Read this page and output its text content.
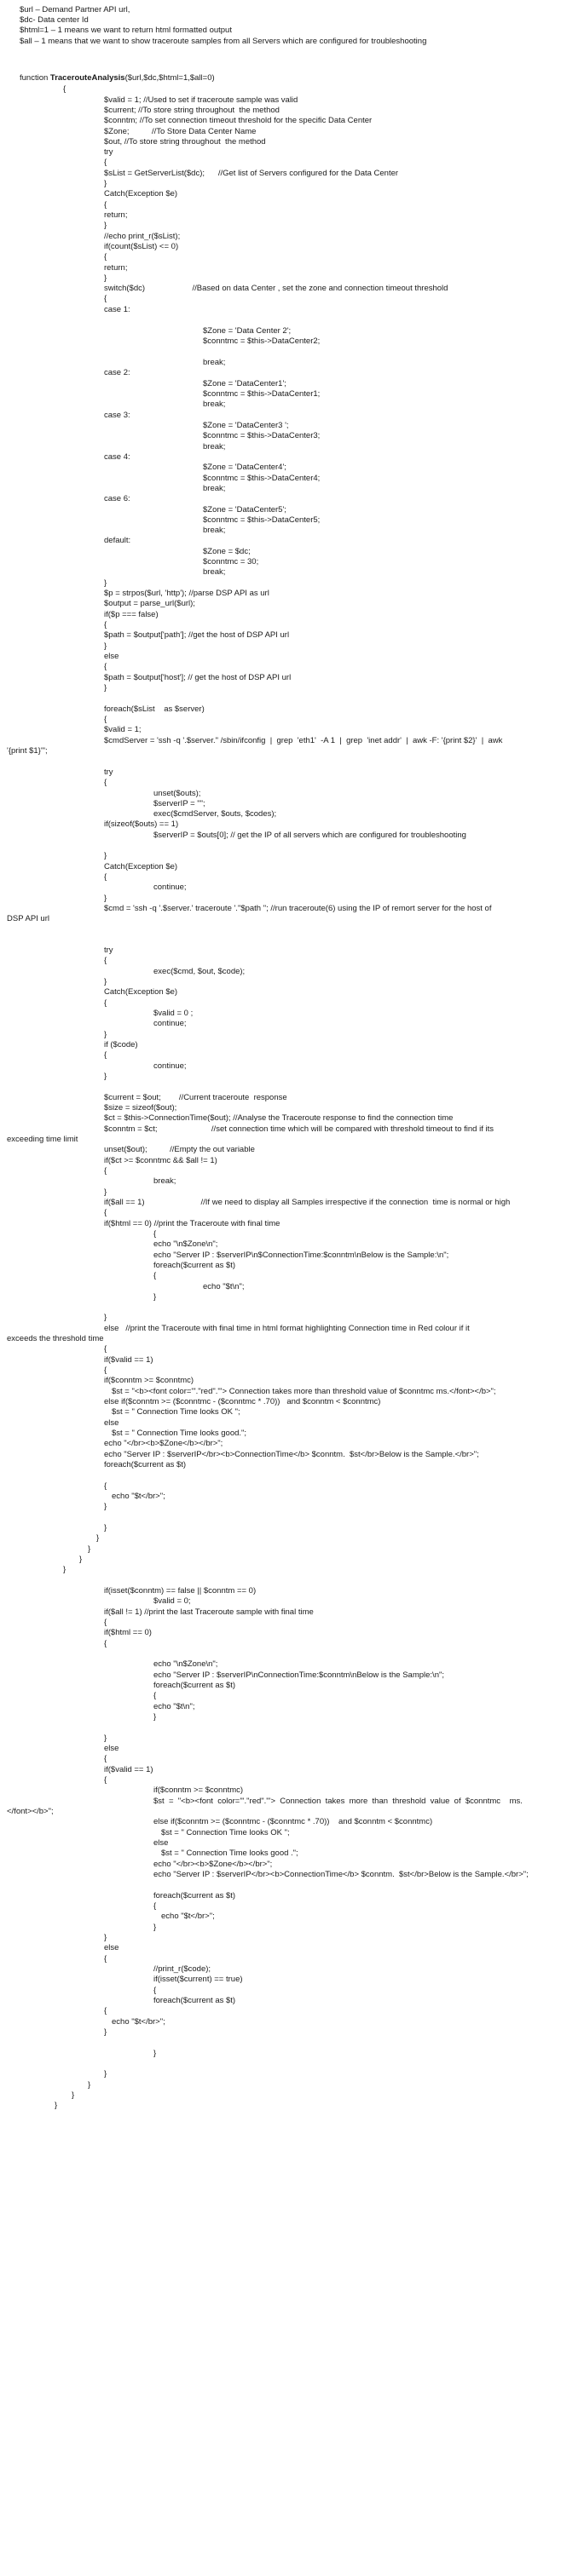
$url – Demand Partner API url,
$dc- Data center Id
$html=1 – 1 means we want to return html formatted output
$all – 1 means that we want to show traceroute samples from all Servers which are configured for troubleshooting
function TracerouteAnalysis($url,$dc,$html=1,$all=0)
{
$valid = 1; //Used to set if traceroute sample was valid
$current; //To store string throughout  the method
$conntm; //To set connection timeout threshold for the specific Data Center
$Zone;          //To Store Data Center Name
$out, //To store string throughout  the method
try
{
$sList = GetServerList($dc);      //Get list of Servers configured for the Data Center
}
Catch(Exception $e)
{
return;
}
//echo print_r($sList);
if(count($sList) <= 0)
{
return;
}
switch($dc)                     //Based on data Center , set the zone and connection timeout threshold
{
case 1:
$Zone = 'Data Center 2';
$conntmc = $this->DataCenter2;
break;
case 2:
$Zone = 'DataCenter1';
$conntmc = $this->DataCenter1;
break;
case 3:
$Zone = 'DataCenter3 ';
$conntmc = $this->DataCenter3;
break;
case 4:
$Zone = 'DataCenter4';
$conntmc = $this->DataCenter4;
break;
case 6:
$Zone = 'DataCenter5';
$conntmc = $this->DataCenter5;
break;
default:
$Zone = $dc;
$conntmc = 30;
break;
}
$p = strpos($url, 'http'); //parse DSP API as url
$output = parse_url($url);
if($p === false)
{
$path = $output['path']; //get the host of DSP API url
}
else
{
$path = $output['host']; // get the host of DSP API url
}
foreach($sList    as $server)
{
$valid = 1;
$cmdServer = 'ssh -q '.$server." /sbin/ifconfig  |  grep  'eth1'  -A 1  |  grep  'inet addr'  |  awk -F: '{print $2}'  |  awk
'{print $1}'";
try
{
unset($outs);
$serverIP = "";
exec($cmdServer, $outs, $codes);
if(sizeof($outs) == 1)
$serverIP = $outs[0]; // get the IP of all servers which are configured for troubleshooting
}
Catch(Exception $e)
{
continue;
}
$cmd = 'ssh -q '.$server.' traceroute '."$path "; //run traceroute(6) using the IP of remort server for the host of
DSP API url
try
{
exec($cmd, $out, $code);
}
Catch(Exception $e)
{
$valid = 0 ;
continue;
}
if ($code)
{
continue;
}
$current = $out;        //Current traceroute  response
$size = sizeof($out);
$ct = $this->ConnectionTime($out); //Analyse the Traceroute response to find the connection time
$conntm = $ct;                        //set connection time which will be compared with threshold timeout to find if its
exceeding time limit
unset($out);          //Empty the out variable
if($ct >= $conntmc && $all != 1)
{
break;
}
if($all == 1)                         //If we need to display all Samples irrespective if the connection  time is normal or high
{
if($html == 0) //print the Traceroute with final time
{
echo "\n$Zone\n";
echo "Server IP : $serverIP\n$ConnectionTime:$conntm\nBelow is the Sample:\n";
foreach($current as $t)
{
echo "$t\n";
}
}
else   //print the Traceroute with final time in html format highlighting Connection time in Red colour if it
exceeds the threshold time
{
if($valid == 1)
{
if($conntm >= $conntmc)
$st = "<b><font color='"."red"."'> Connection takes more than threshold value of $conntmc ms.</font></b>";
else if($conntm >= ($conntmc - ($conntmc * .70))   and $conntm < $conntmc)
$st = " Connection Time looks OK ";
else
$st = " Connection Time looks good.";
echo "</br><b>$Zone</b></br>";
echo "Server IP : $serverIP</br><b>ConnectionTime</b> $conntm.  $st</br>Below is the Sample.</br>";
foreach($current as $t)
{
echo "$t</br>";
}
}
}
}
}
}
if(isset($conntm) == false || $conntm == 0)
$valid = 0;
if($all != 1) //print the last Traceroute sample with final time
{
if($html == 0)
{
echo "\n$Zone\n";
echo "Server IP : $serverIP\nConnectionTime:$conntm\nBelow is the Sample:\n";
foreach($current as $t)
{
echo "$t\n";
}
}
else
{
if($valid == 1)
{
if($conntm >= $conntmc)
$st  =  "<b><font  color='"."red"."'>  Connection  takes  more  than  threshold  value  of  $conntmc    ms.
</font></b>";
else if($conntm >= ($conntmc - ($conntmc * .70))    and $conntm < $conntmc)
$st = " Connection Time looks OK ";
else
$st = " Connection Time looks good .";
echo "</br><b>$Zone</b></br>";
echo "Server IP : $serverIP</br><b>ConnectionTime</b> $conntm.  $st</br>Below is the Sample.</br>";
foreach($current as $t)
{
echo "$t</br>";
}
}
else
{
//print_r($code);
if(isset($current) == true)
{
foreach($current as $t)
{
echo "$t</br>";
}
}
}
}
}
}
